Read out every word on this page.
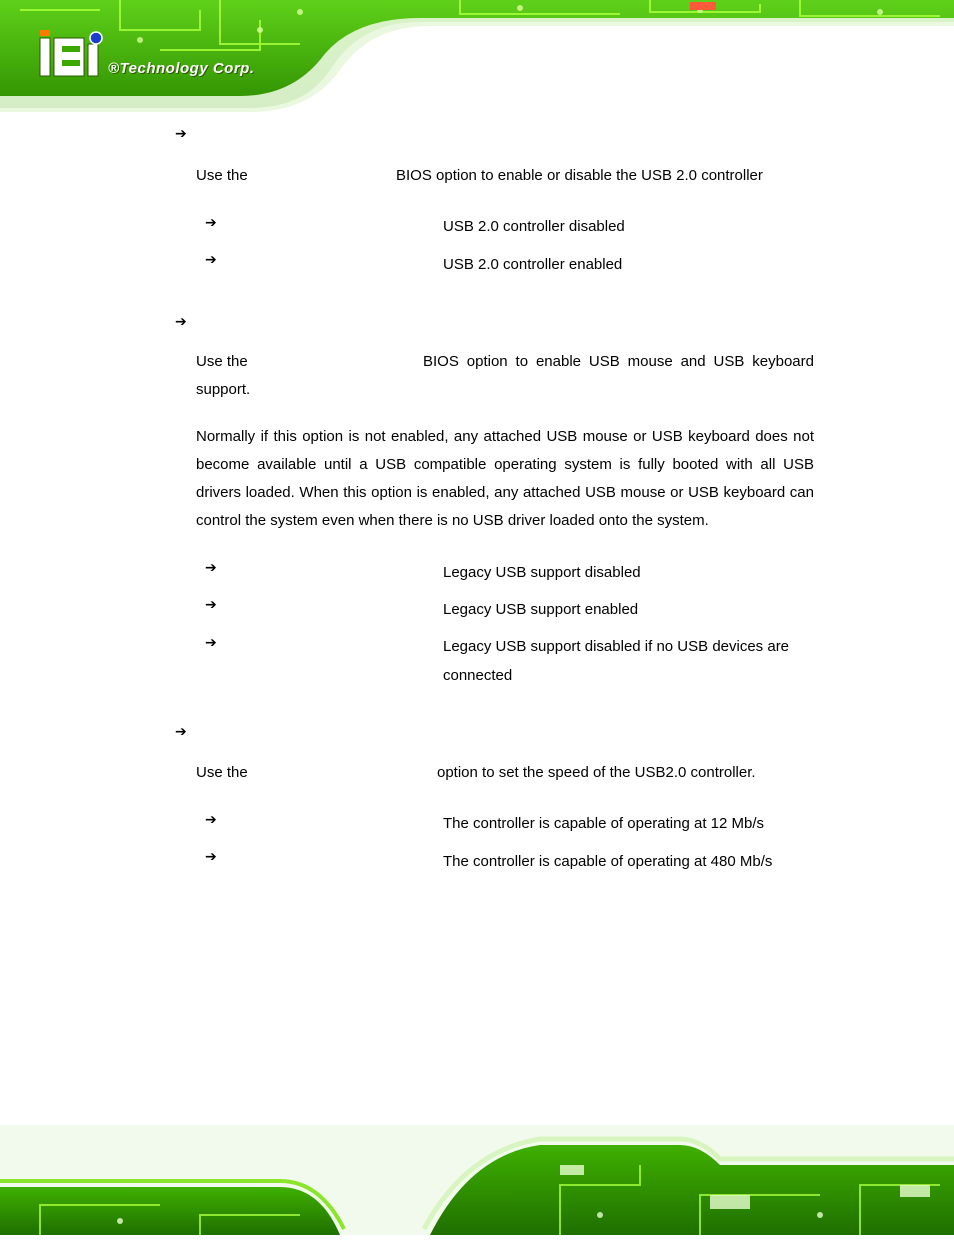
®Technology Corp.
➔

Use the	BIOS option to enable or disable the USB 2.0 controller

➔	USB 2.0 controller disabled

➔	USB 2.0 controller enabled

➔

Use the	BIOS option to enable USB mouse and USB keyboard

support.

Normally if this option is not enabled, any attached USB mouse or USB keyboard does not become available until a USB compatible operating system is fully booted with all USB drivers loaded. When this option is enabled, any attached USB mouse or USB keyboard can control the system even when there is no USB driver loaded onto the system.

➔	Legacy USB support disabled

➔	Legacy USB support enabled

➔	Legacy USB support disabled if no USB devices are

connected

➔

Use the	option to set the speed of the USB2.0 controller.

➔	The controller is capable of operating at 12 Mb/s

➔	The controller is capable of operating at 480 Mb/s
